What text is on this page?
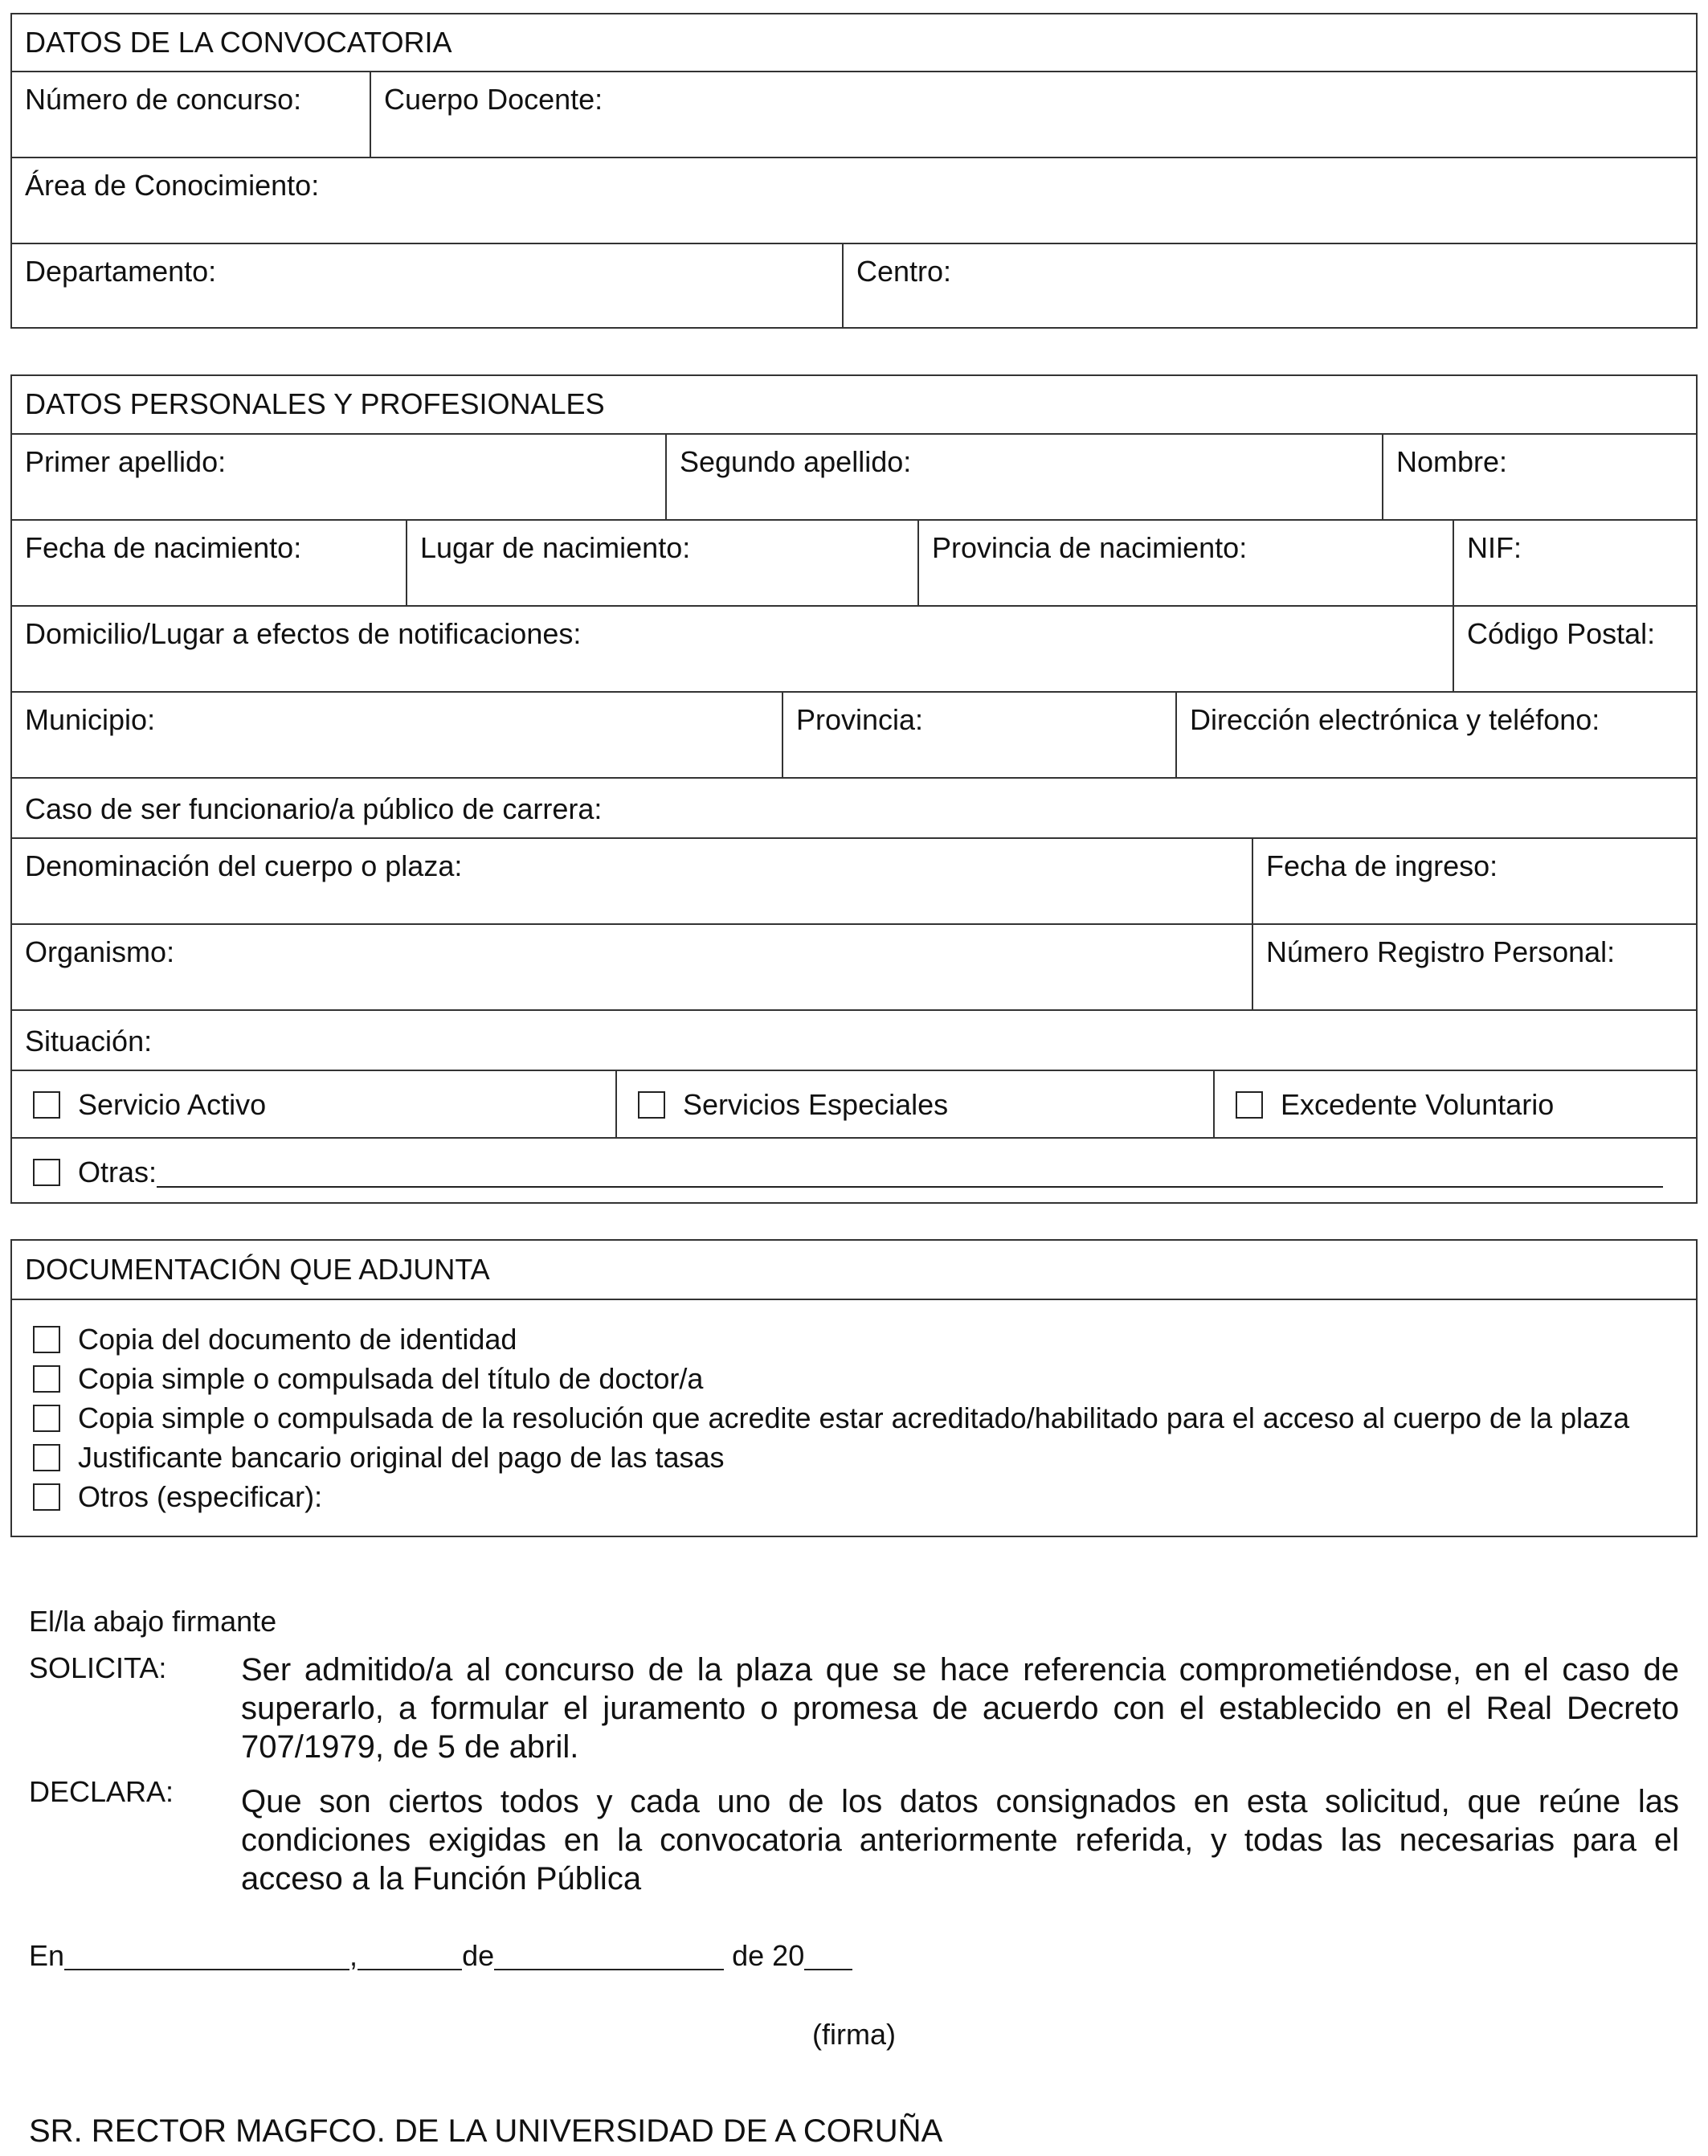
DATOS DE LA CONVOCATORIA
Número de concurso:	Cuerpo Docente:
Área de Conocimiento:
Departamento:	Centro:
DATOS PERSONALES Y PROFESIONALES
Primer apellido:	Segundo apellido:	Nombre:
Fecha de nacimiento:	Lugar de nacimiento:	Provincia de nacimiento:	NIF:
Domicilio/Lugar a efectos de notificaciones:	Código Postal:
Municipio:	Provincia:	Dirección electrónica y teléfono:
Caso de ser funcionario/a público de carrera:
Denominación del cuerpo o plaza:	Fecha de ingreso:
Organismo:	Número Registro Personal:
Situación:
Servicio Activo	Servicios Especiales	Excedente Voluntario
Otras:
DOCUMENTACIÓN QUE ADJUNTA
Copia del documento de identidad
Copia simple o compulsada del título de doctor/a
Copia simple o compulsada de la resolución que acredite estar acreditado/habilitado para el acceso al cuerpo de la plaza
Justificante bancario original del pago de las tasas
Otros (especificar):
El/la abajo firmante
SOLICITA: Ser admitido/a al concurso de la plaza que se hace referencia comprometiéndose, en el caso de superarlo, a formular el juramento o promesa de acuerdo con el establecido en el Real Decreto 707/1979, de 5 de abril.
DECLARA: Que son ciertos todos y cada uno de los datos consignados en esta solicitud, que reúne las condiciones exigidas en la convocatoria anteriormente referida, y todas las necesarias para el acceso a la Función Pública
En	,	de	de 20
(firma)
SR. RECTOR MAGFCO. DE LA UNIVERSIDAD DE A CORUÑA
